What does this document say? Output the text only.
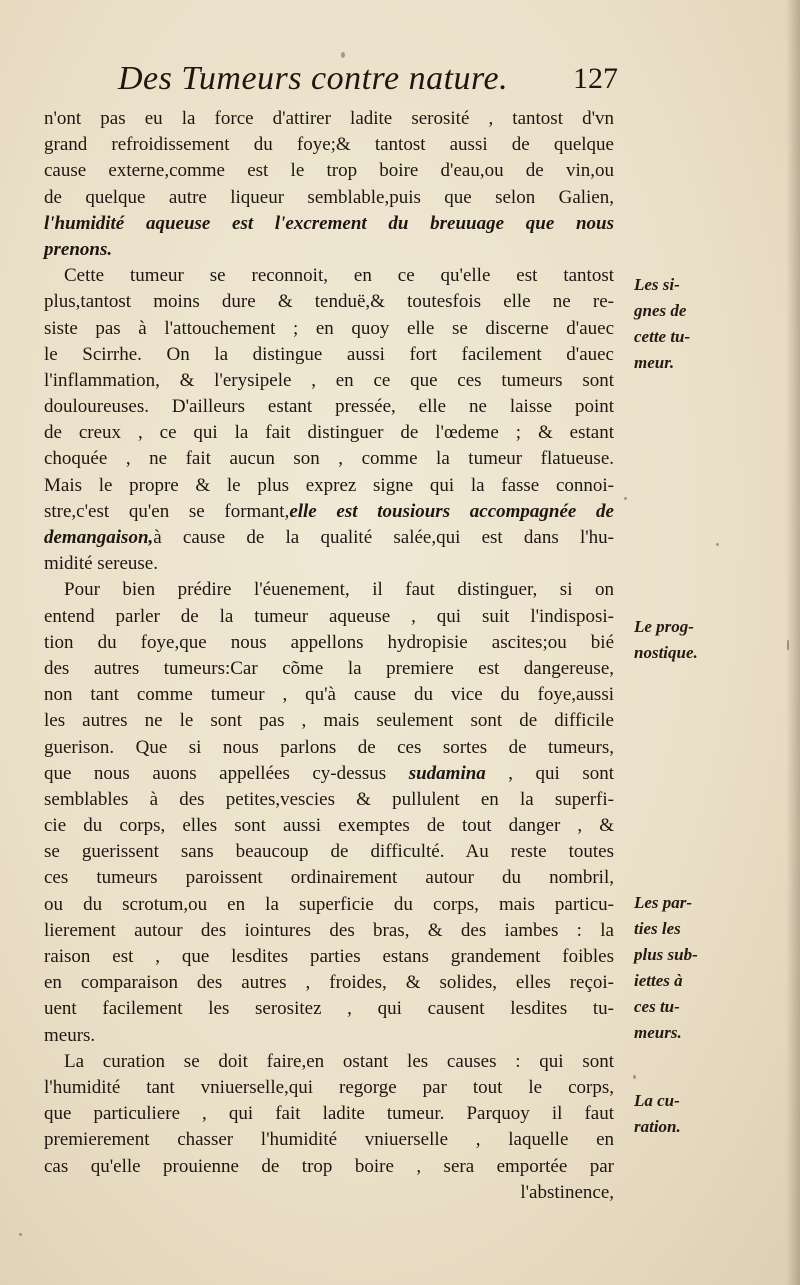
Des Tumeurs contre nature. 127
n'ont pas eu la force d'attirer ladite serosité , tantost d'vn
grand refroidissement du foye;& tantost aussi de quelque
cause externe,comme est le trop boire d'eau,ou de vin,ou
de quelque autre liqueur semblable,puis que selon Galien,
l'humidité aqueuse est l'excrement du breuuage que nous
prenons.
Cette tumeur se reconnoit, en ce qu'elle est tantost
plus,tantost moins dure & tenduë,& toutesfois elle ne re-
siste pas à l'attouchement ; en quoy elle se discerne d'auec
le Scirrhe. On la distingue aussi fort facilement d'auec
l'inflammation, & l'erysipele , en ce que ces tumeurs sont
douloureuses. D'ailleurs estant pressée, elle ne laisse point
de creux , ce qui la fait distinguer de l'œdeme ; & estant
choquée , ne fait aucun son , comme la tumeur flatueuse.
Mais le propre & le plus exprez signe qui la fasse connoi-
stre,c'est qu'en se formant,elle est tousiours accompagnée de
demangaison,à cause de la qualité salée,qui est dans l'hu-
midité sereuse.
Pour bien prédire l'éuenement, il faut distinguer, si on
entend parler de la tumeur aqueuse , qui suit l'indisposi-
tion du foye,que nous appellons hydropisie ascites;ou bié
des autres tumeurs:Car cõme la premiere est dangereuse,
non tant comme tumeur , qu'à cause du vice du foye,aussi
les autres ne le sont pas , mais seulement sont de difficile
guerison. Que si nous parlons de ces sortes de tumeurs,
que nous auons appellées cy-dessus sudamina , qui sont
semblables à des petites,vescies & pullulent en la superfi-
cie du corps, elles sont aussi exemptes de tout danger , &
se guerissent sans beaucoup de difficulté. Au reste toutes
ces tumeurs paroissent ordinairement autour du nombril,
ou du scrotum,ou en la superficie du corps, mais particu-
lierement autour des iointures des bras, & des iambes : la
raison est , que lesdites parties estans grandement foibles
en comparaison des autres , froides, & solides, elles reçoi-
uent facilement les serositez , qui causent lesdites tu-
meurs.
La curation se doit faire,en ostant les causes : qui sont
l'humidité tant vniuerselle,qui regorge par tout le corps,
que particuliere , qui fait ladite tumeur. Parquoy il faut
premierement chasser l'humidité vniuerselle , laquelle en
cas qu'elle prouienne de trop boire , sera emportée par
l'abstinence,
Les si-
gnes de
cette tu-
meur.
Le prog-
nostique.
Les par-
ties les
plus sub-
iettes à
ces tu-
meurs.
La cu-
ration.
